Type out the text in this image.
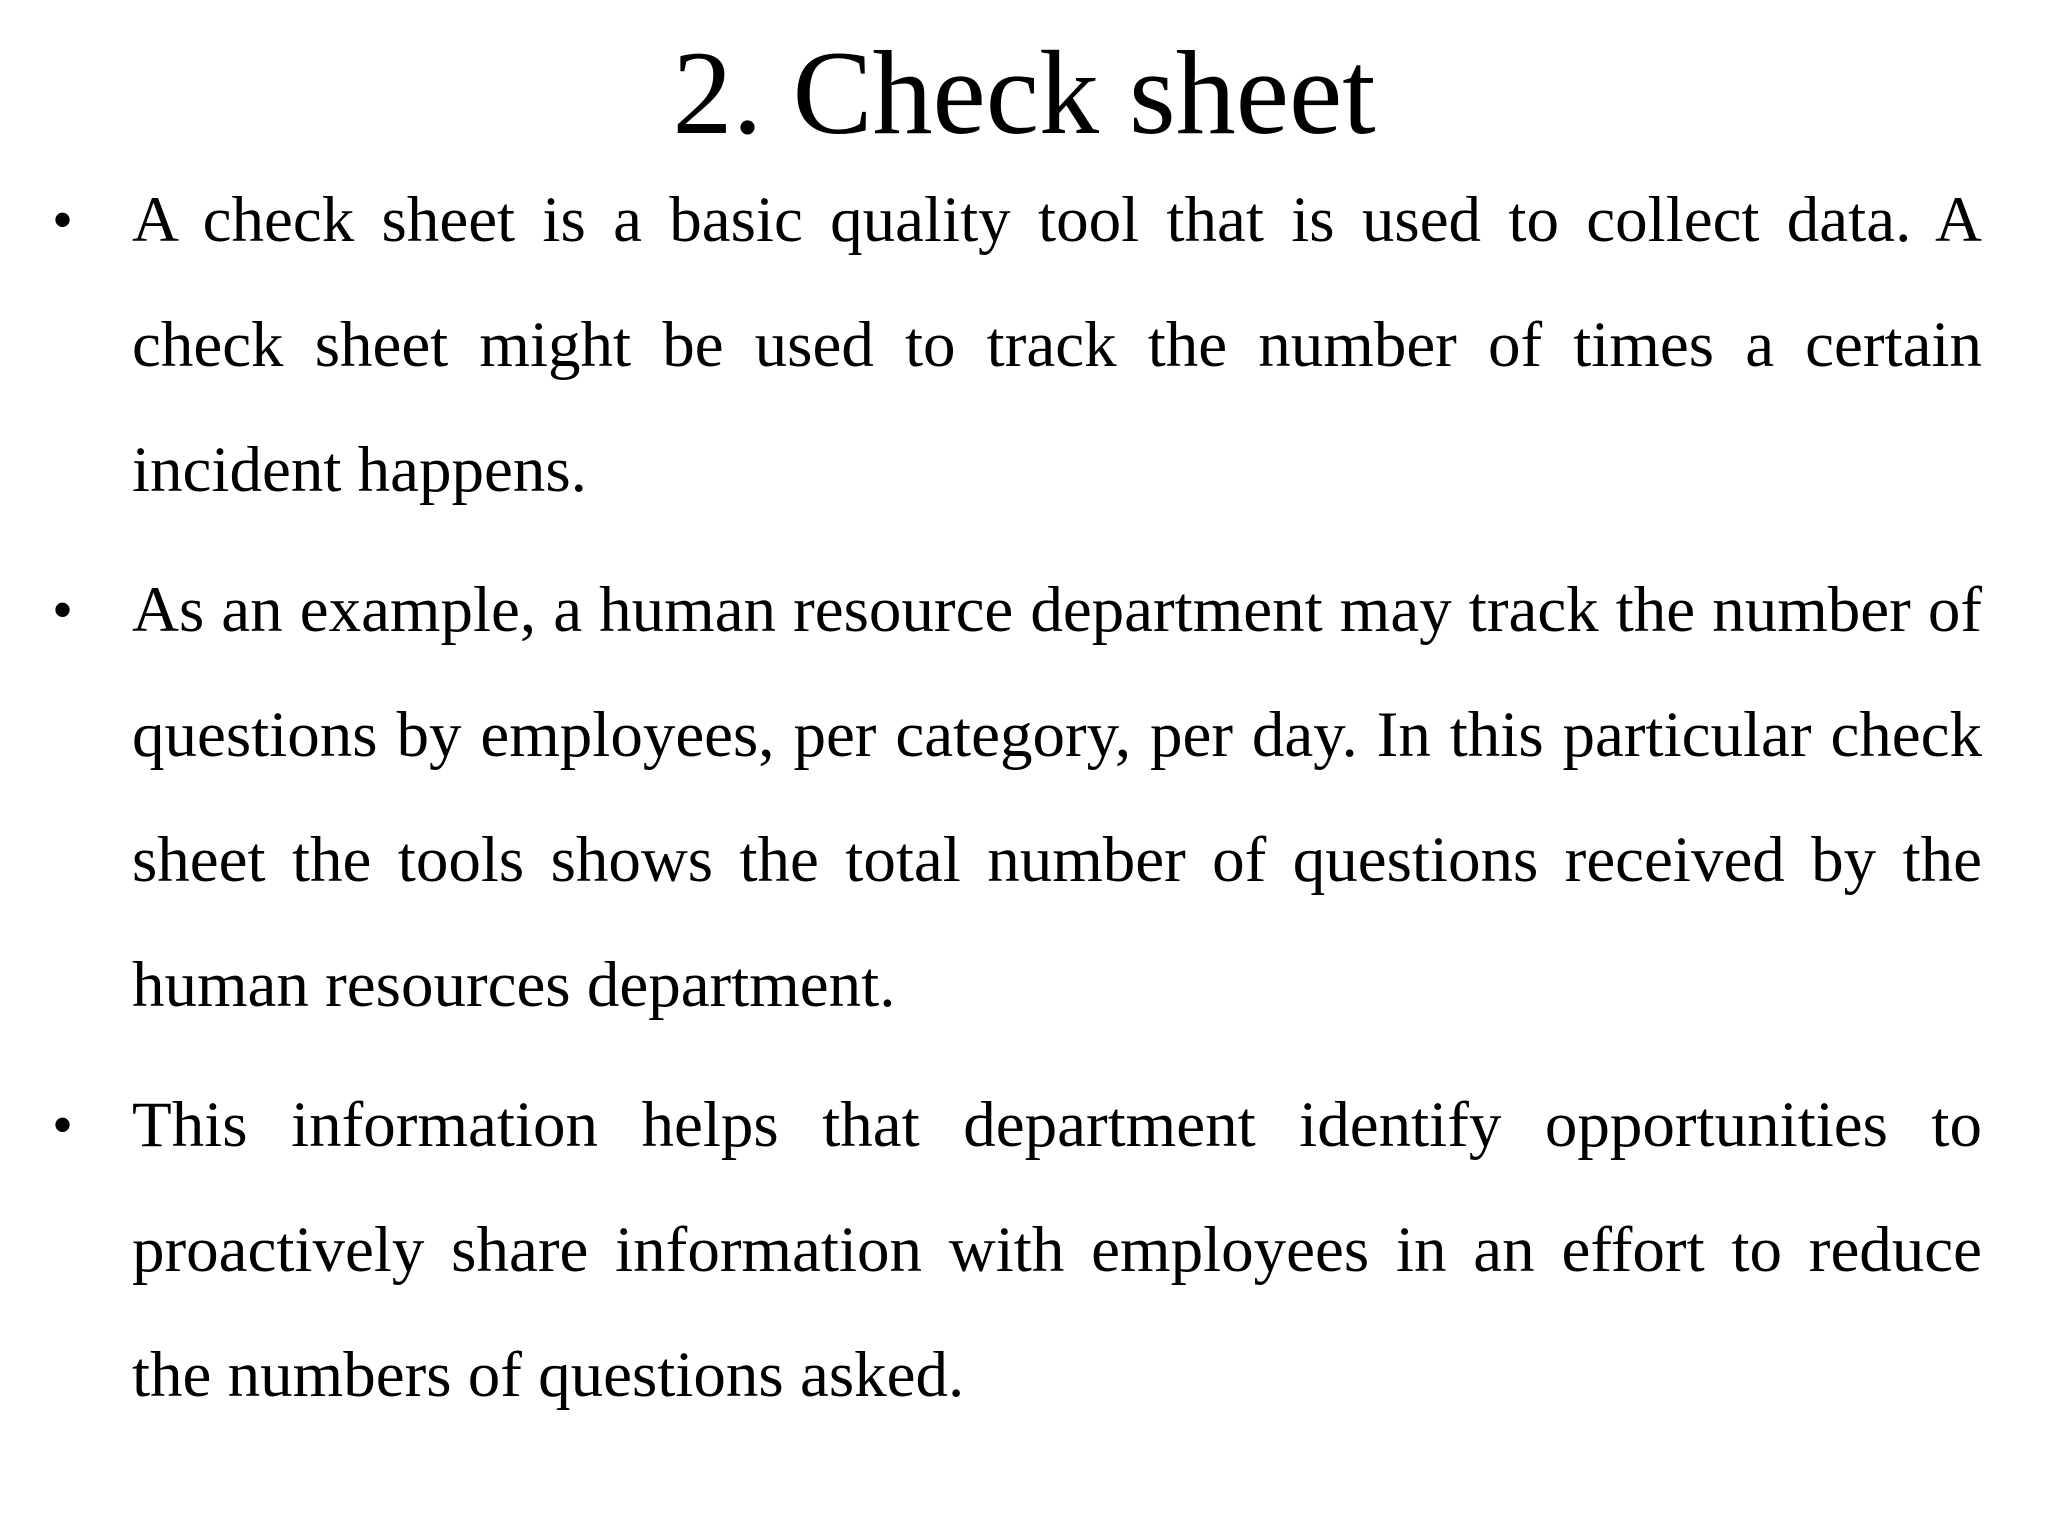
2. Check sheet
• A check sheet is a basic quality tool that is used to collect data. A check sheet might be used to track the number of times a certain incident happens.
• As an example, a human resource department may track the number of questions by employees, per category, per day. In this particular check sheet the tools shows the total number of questions received by the human resources department.
• This information helps that department identify opportunities to proactively share information with employees in an effort to reduce the numbers of questions asked.
